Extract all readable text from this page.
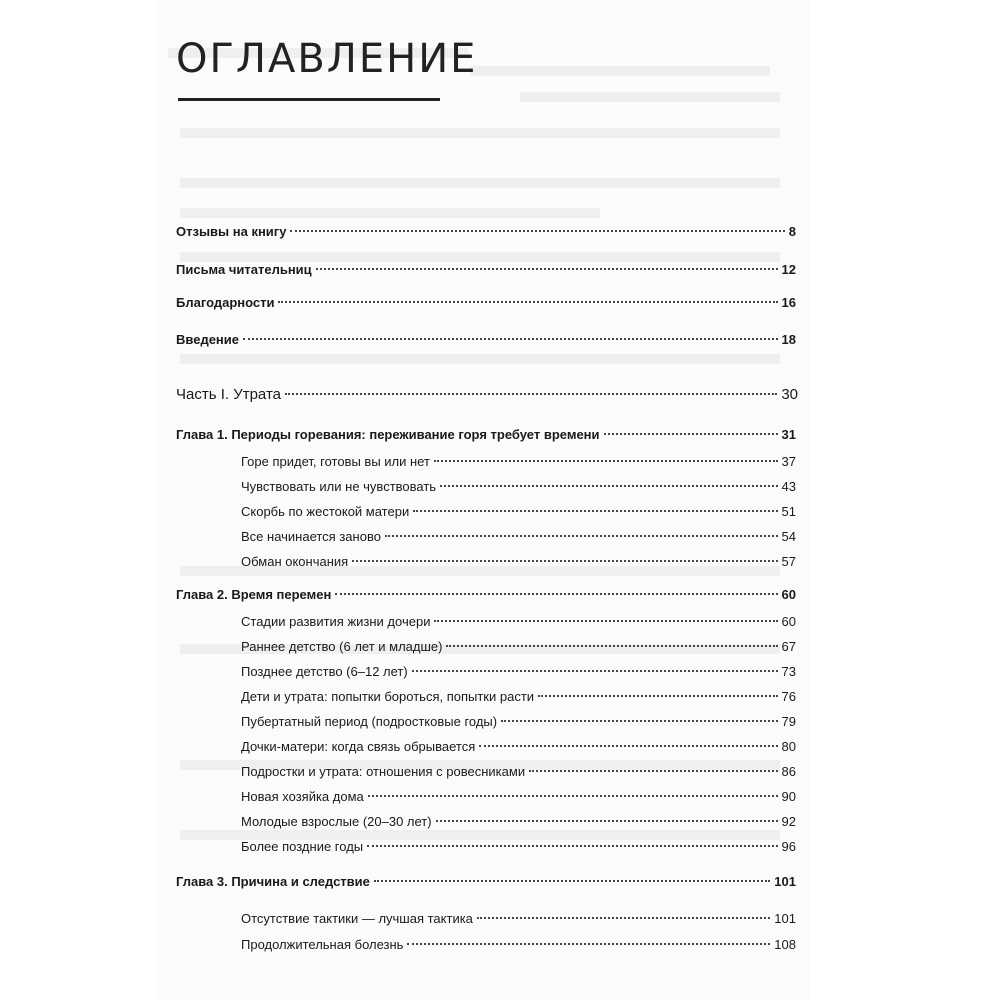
ОГЛАВЛЕНИЕ
Отзывы на книгу	8
Письма читательниц	12
Благодарности	16
Введение	18
Часть I. Утрата	30
Глава 1. Периоды горевания: переживание горя требует времени	31
Горе придет, готовы вы или нет	37
Чувствовать или не чувствовать	43
Скорбь по жестокой матери	51
Все начинается заново	54
Обман окончания	57
Глава 2. Время перемен	60
Стадии развития жизни дочери	60
Раннее детство (6 лет и младше)	67
Позднее детство (6–12 лет)	73
Дети и утрата: попытки бороться, попытки расти	76
Пубертатный период (подростковые годы)	79
Дочки-матери: когда связь обрывается	80
Подростки и утрата: отношения с ровесниками	86
Новая хозяйка дома	90
Молодые взрослые (20–30 лет)	92
Более поздние годы	96
Глава 3. Причина и следствие	101
Отсутствие тактики — лучшая тактика	101
Продолжительная болезнь	108
